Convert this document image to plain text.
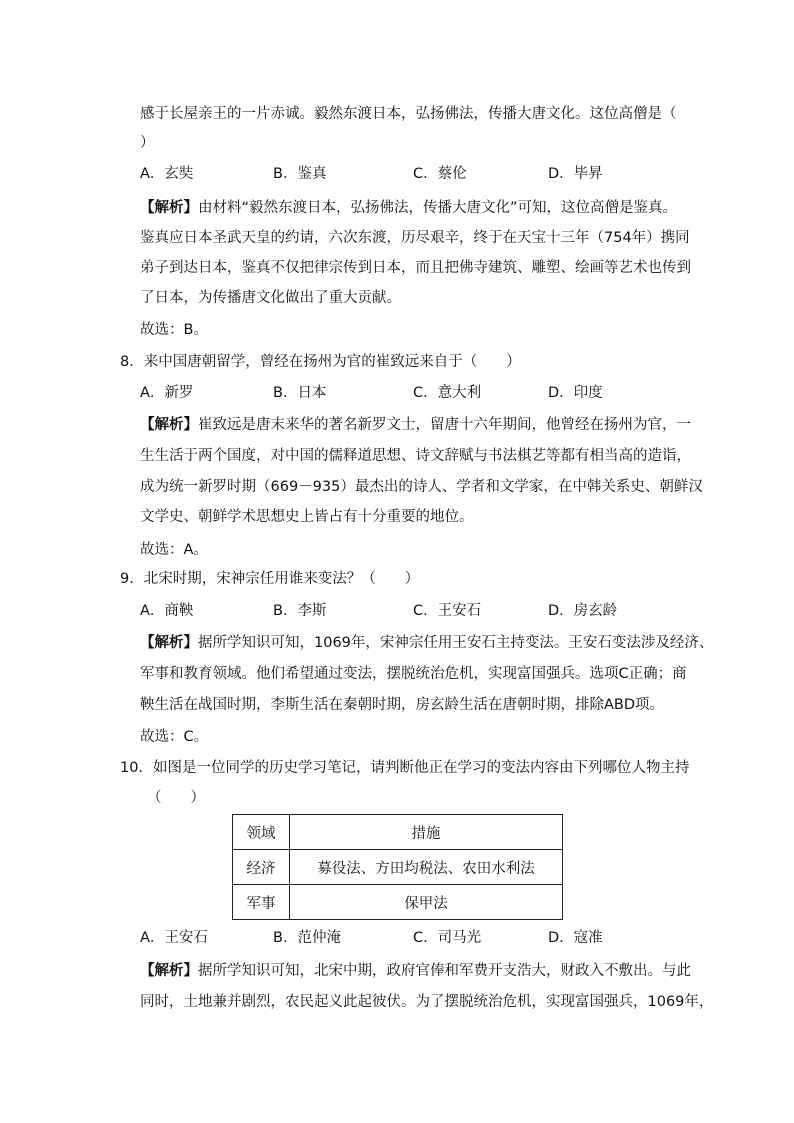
感于长屋亲王的一片赤诚。毅然东渡日本，弘扬佛法，传播大唐文化。这位高僧是（
）
A．玄奘	B．鉴真	C．蔡伦	D．毕昇
【解析】由材料“毅然东渡日本，弘扬佛法，传播大唐文化”可知，这位高僧是鉴真。
鉴真应日本圣武天皇的约请，六次东渡，历尽艰辛，终于在天宝十三年（754年）携同
弟子到达日本，鉴真不仅把律宗传到日本，而且把佛寺建筑、雕塑、绘画等艺术也传到
了日本，为传播唐文化做出了重大贡献。
故选：B。
8．来中国唐朝留学，曾经在扬州为官的崔致远来自于（　　）
A．新罗	B．日本	C．意大利	D．印度
【解析】崔致远是唐末来华的著名新罗文士，留唐十六年期间，他曾经在扬州为官，一
生生活于两个国度，对中国的儒释道思想、诗文辞赋与书法棋艺等都有相当高的造诣，
成为统一新罗时期（669－935）最杰出的诗人、学者和文学家，在中韩关系史、朝鲜汉
文学史、朝鲜学术思想史上皆占有十分重要的地位。
故选：A。
9．北宋时期，宋神宗任用谁来变法？（　　）
A．商鞅	B．李斯	C．王安石	D．房玄龄
【解析】据所学知识可知，1069年，宋神宗任用王安石主持变法。王安石变法涉及经济、
军事和教育领域。他们希望通过变法，摆脱统治危机，实现富国强兵。选项C正确；商
鞅生活在战国时期，李斯生活在秦朝时期，房玄龄生活在唐朝时期，排除ABD项。
故选：C。
10．如图是一位同学的历史学习笔记，请判断他正在学习的变法内容由下列哪位人物主持
（　　）
领域	措施
经济	募役法、方田均税法、农田水利法
军事	保甲法
A．王安石	B．范仲淹	C．司马光	D．寇准
【解析】据所学知识可知，北宋中期，政府官俸和军费开支浩大，财政入不敷出。与此
同时，土地兼并剧烈，农民起义此起彼伏。为了摆脱统治危机，实现富国强兵，1069年，
